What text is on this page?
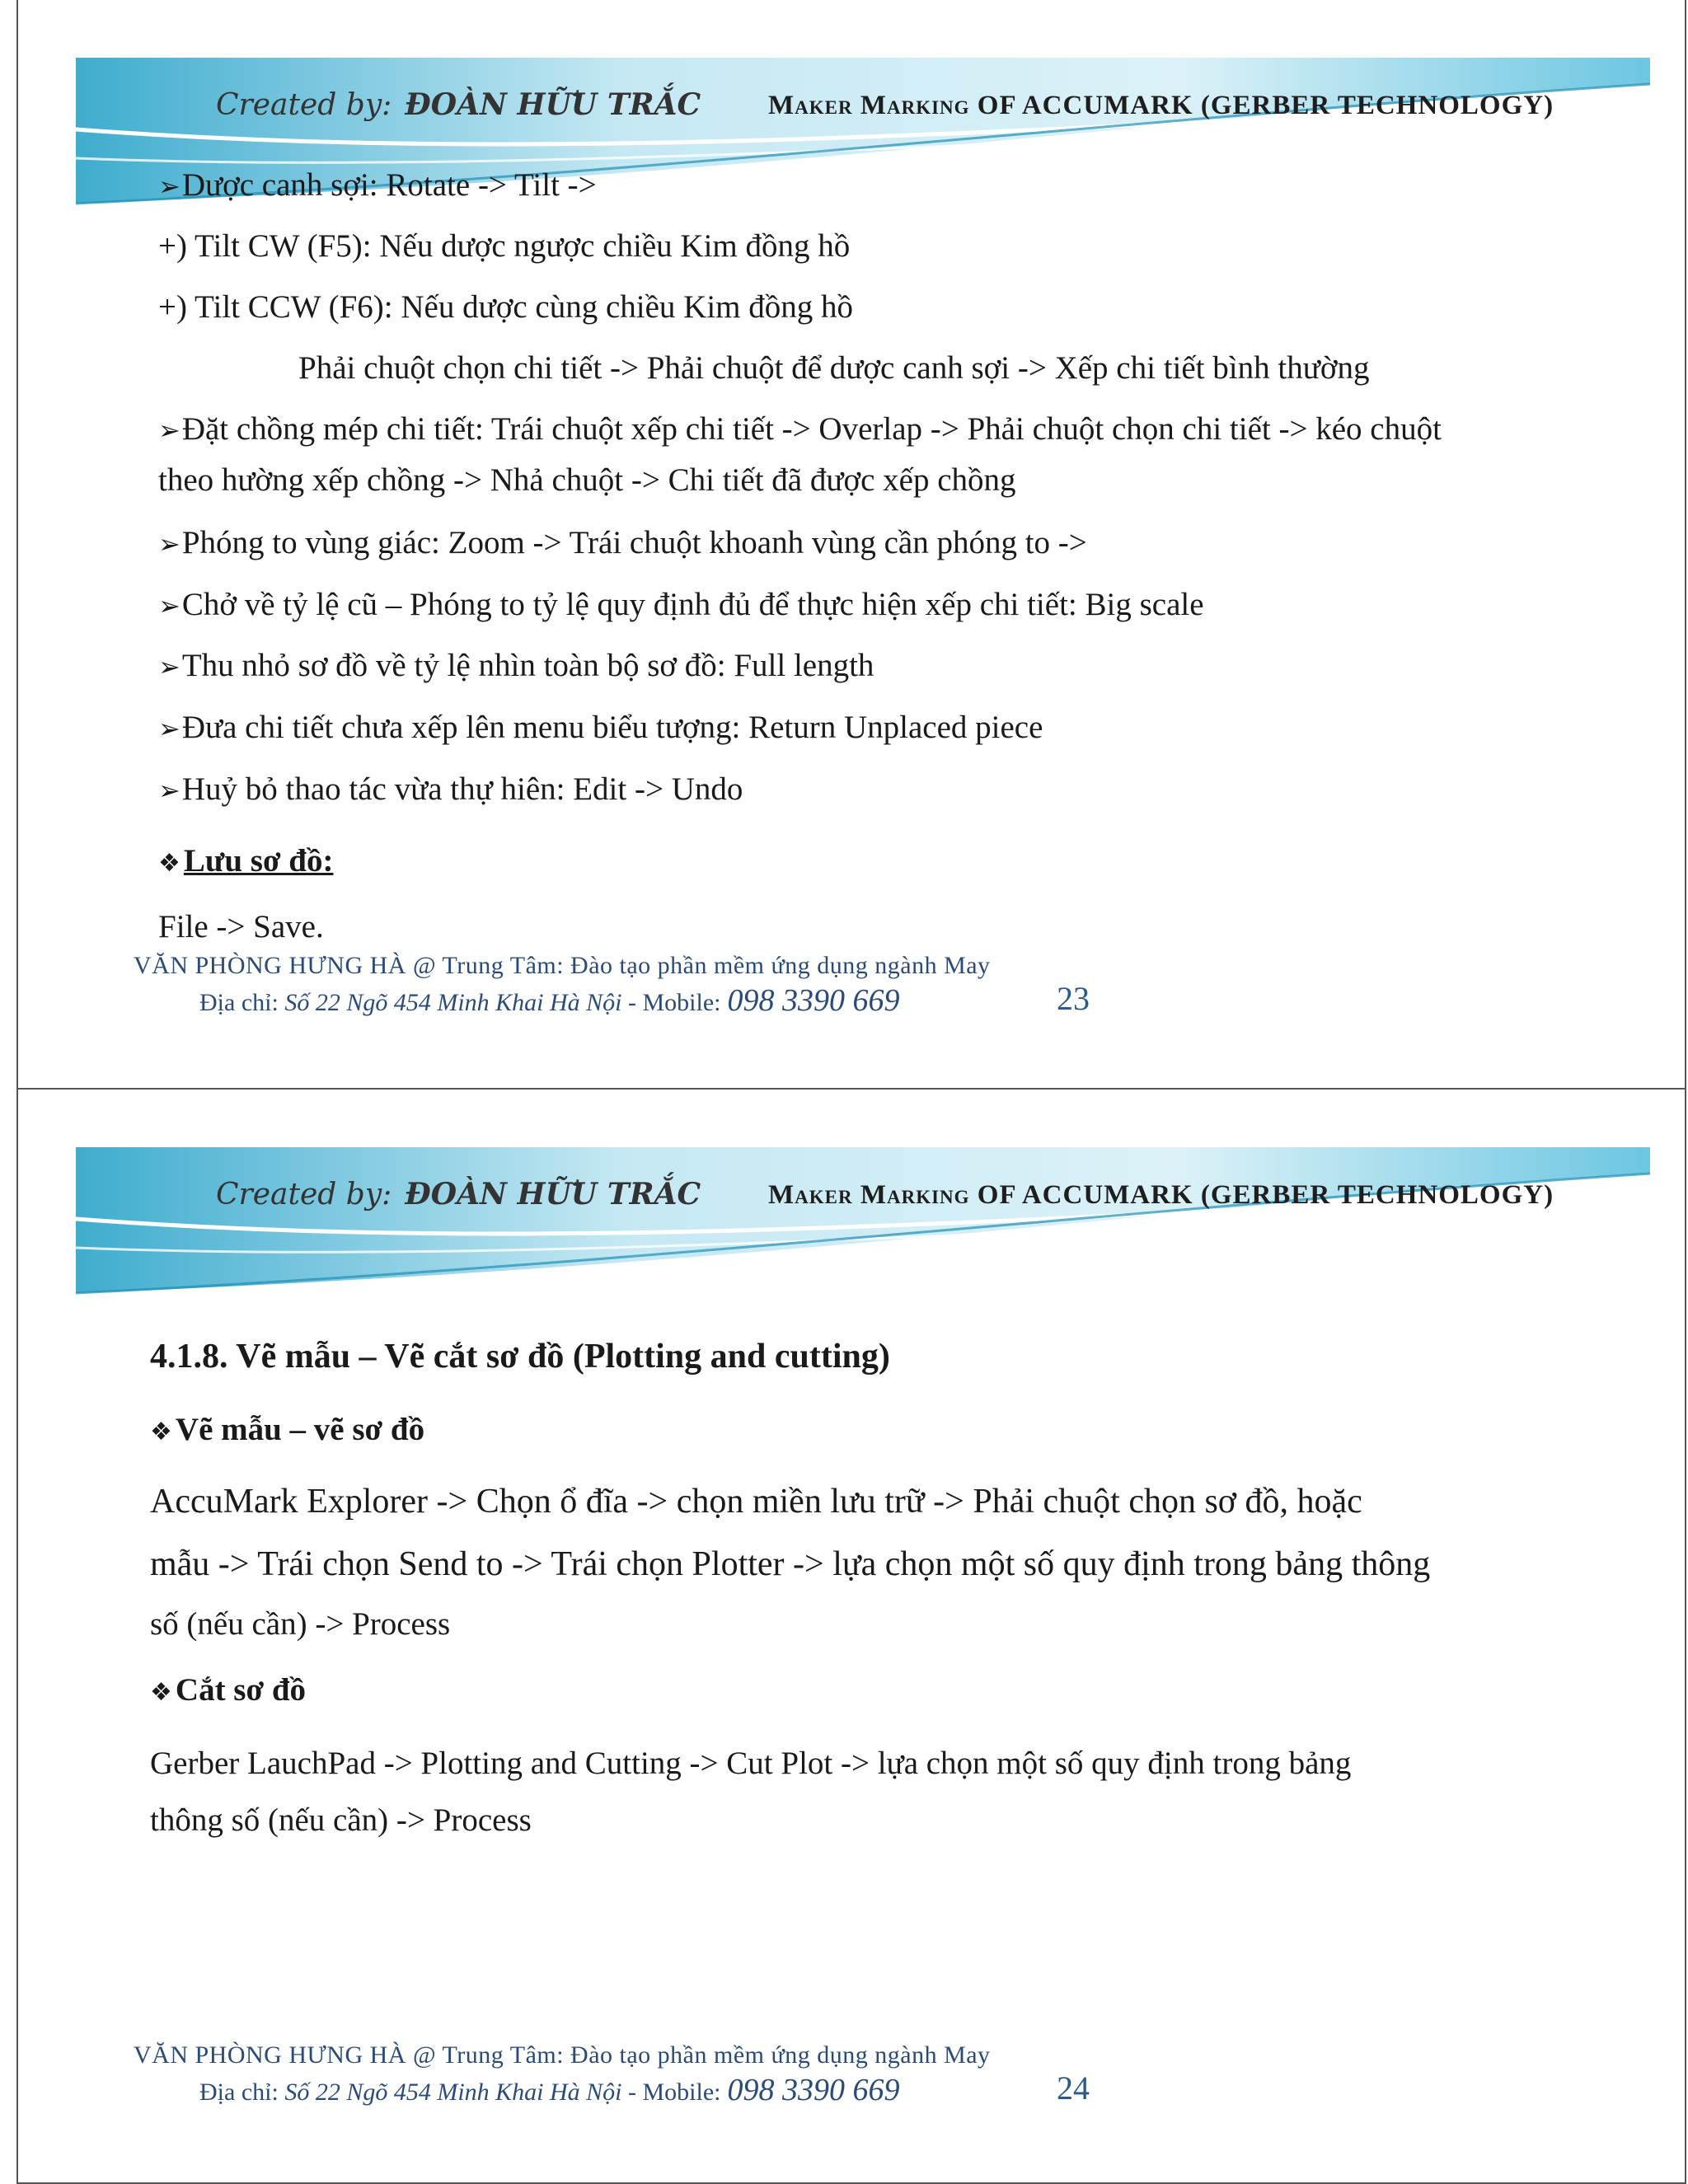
Created by: ĐOÀN HỮU TRẮC Maker Marking OF ACCUMARK (GERBER TECHNOLOGY)
➢Dược canh sợi: Rotate -> Tilt ->
+) Tilt CW (F5): Nếu dược ngược chiều Kim đồng hồ
+) Tilt CCW (F6): Nếu dược cùng chiều Kim đồng hồ
Phải chuột chọn chi tiết -> Phải chuột để dược canh sợi -> Xếp chi tiết bình thường
➢Đặt chồng mép chi tiết: Trái chuột xếp chi tiết -> Overlap -> Phải chuột chọn chi tiết -> kéo chuột
theo hường xếp chồng -> Nhả chuột -> Chi tiết đã được xếp chồng
➢Phóng to vùng giác: Zoom -> Trái chuột khoanh vùng cần phóng to ->
➢Chở về tỷ lệ cũ – Phóng to tỷ lệ quy định đủ để thực hiện xếp chi tiết: Big scale
➢Thu nhỏ sơ đồ về tỷ lệ nhìn toàn bộ sơ đồ: Full length
➢Đưa chi tiết chưa xếp lên menu biểu tượng: Return Unplaced piece
➢Huỷ bỏ thao tác vừa thự hiên: Edit -> Undo
❖ Lưu sơ đồ:
File -> Save.
VĂN PHÒNG HƯNG HÀ @ Trung Tâm: Đào tạo phần mềm ứng dụng ngành May
Địa chỉ: Số 22 Ngõ 454 Minh Khai Hà Nội - Mobile: 098 3390 669	23
Created by: ĐOÀN HỮU TRẮC Maker Marking OF ACCUMARK (GERBER TECHNOLOGY)
4.1.8. Vẽ mẫu – Vẽ cắt sơ đồ (Plotting and cutting)
❖ Vẽ mẫu – vẽ sơ đồ
AccuMark Explorer -> Chọn ổ đĩa -> chọn miền lưu trữ -> Phải chuột chọn sơ đồ, hoặc
mẫu -> Trái chọn Send to -> Trái chọn Plotter -> lựa chọn một số quy định trong bảng thông
số (nếu cần) -> Process
❖ Cắt sơ đồ
Gerber LauchPad -> Plotting and Cutting -> Cut Plot -> lựa chọn một số quy định trong bảng
thông số (nếu cần) -> Process
VĂN PHÒNG HƯNG HÀ @ Trung Tâm: Đào tạo phần mềm ứng dụng ngành May
Địa chỉ: Số 22 Ngõ 454 Minh Khai Hà Nội - Mobile: 098 3390 669	24
